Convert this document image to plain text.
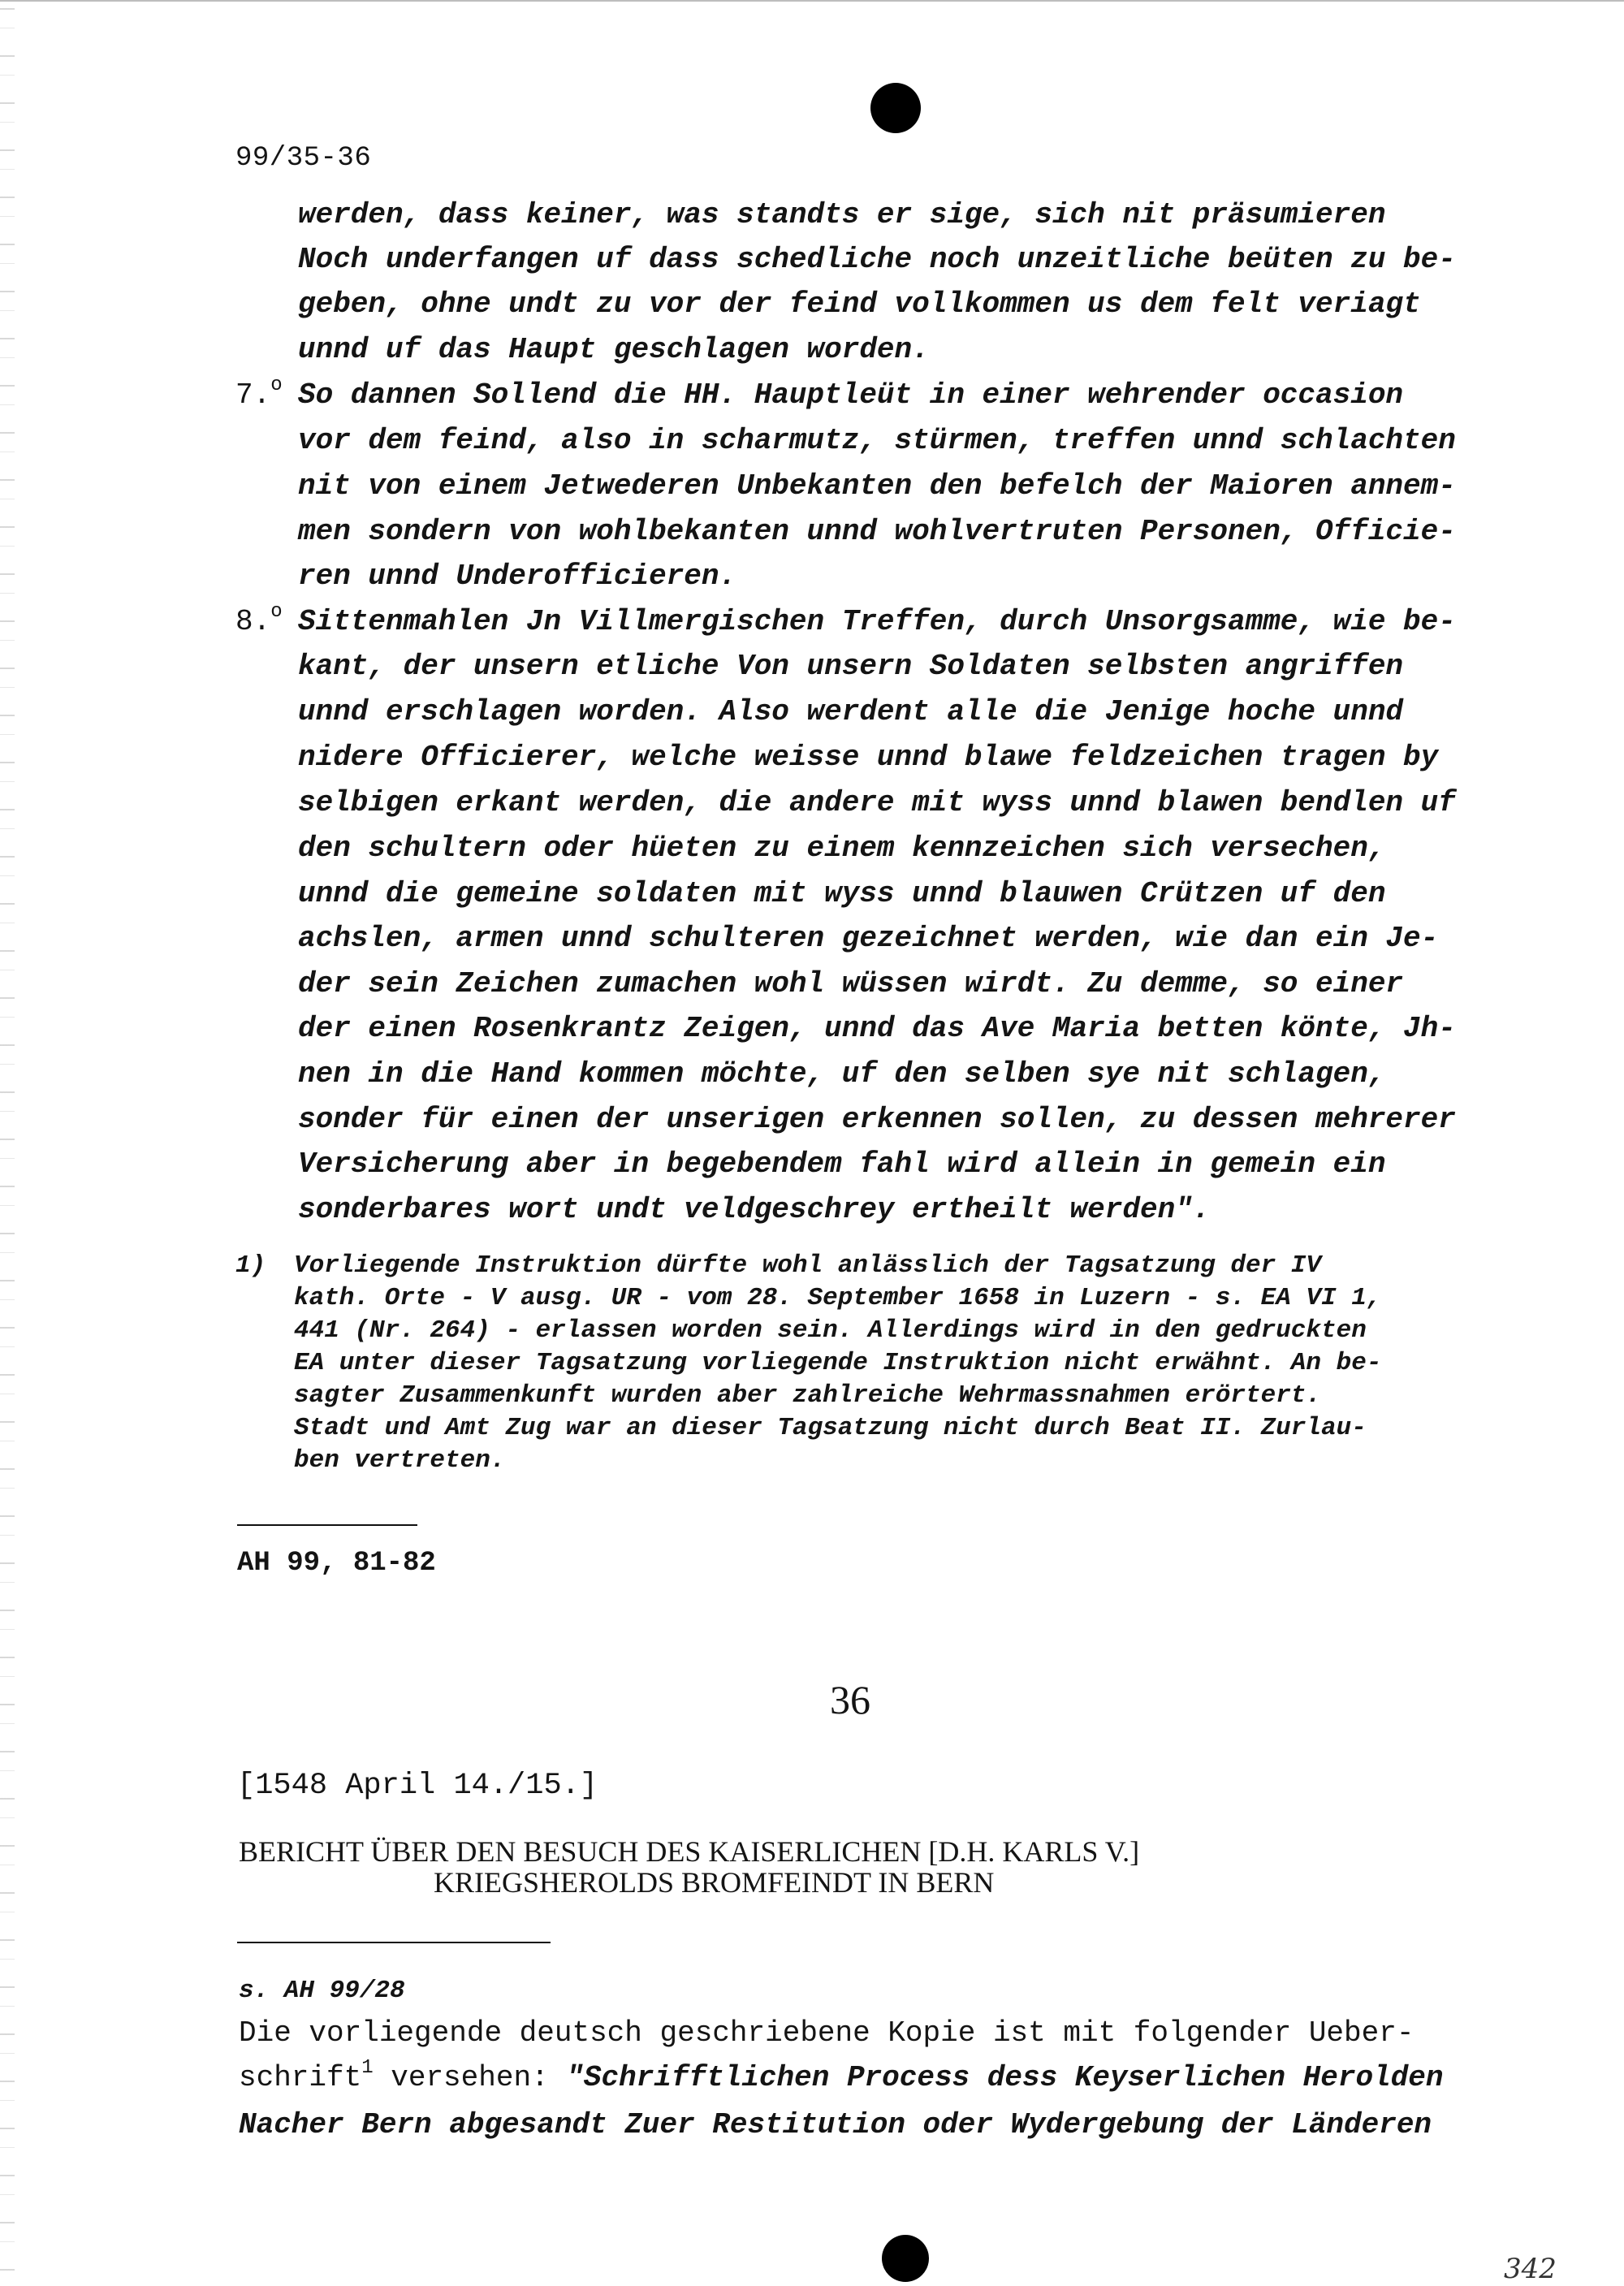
99/35-36
werden, dass keiner, was standts er sige, sich nit präsumieren
Noch underfangen uf dass schedliche noch unzeitliche beüten zu be-
geben, ohne undt zu vor der feind vollkommen us dem felt veriagt
unnd uf das Haupt geschlagen worden.
So dannen Sollend die HH. Hauptleüt in einer wehrender occasion
vor dem feind, also in scharmutz, stürmen, treffen unnd schlachten
nit von einem Jetwederen Unbekanten den befelch der Maioren annem-
men sondern von wohlbekanten unnd wohlvertruten Personen, Officie-
ren unnd Underofficieren.
Sittenmahlen Jn Villmergischen Treffen, durch Unsorgsamme, wie be-
kant, der unsern etliche Von unsern Soldaten selbsten angriffen
unnd erschlagen worden. Also werdent alle die Jenige hoche unnd
nidere Officierer, welche weisse unnd blawe feldzeichen tragen by
selbigen erkant werden, die andere mit wyss unnd blawen bendlen uf
den schultern oder hüeten zu einem kennzeichen sich versechen,
unnd die gemeine soldaten mit wyss unnd blauwen Crützen uf den
achslen, armen unnd schulteren gezeichnet werden, wie dan ein Je-
der sein Zeichen zumachen wohl wüssen wirdt. Zu demme, so einer
der einen Rosenkrantz Zeigen, unnd das Ave Maria betten könte, Jh-
nen in die Hand kommen möchte, uf den selben sye nit schlagen,
sonder für einen der unserigen erkennen sollen, zu dessen mehrerer
Versicherung aber in begebendem fahl wird allein in gemein ein
sonderbares wort undt veldgeschrey ertheilt werden".
7.$^o$
8.$^o$
1) Vorliegende Instruktion dürfte wohl anlässlich der Tagsatzung der IV
kath. Orte - V ausg. UR - vom 28. September 1658 in Luzern - s. EA VI 1,
441 (Nr. 264) - erlassen worden sein. Allerdings wird in den gedruckten
EA unter dieser Tagsatzung vorliegende Instruktion nicht erwähnt. An be-
sagter Zusammenkunft wurden aber zahlreiche Wehrmassnahmen erörtert.
Stadt und Amt Zug war an dieser Tagsatzung nicht durch Beat II. Zurlau-
ben vertreten.
AH 99, 81-82
36
[1548 April 14./15.]
BERICHT ÜBER DEN BESUCH DES KAISERLICHEN [D.H. KARLS V.]
KRIEGSHEROLDS BROMFEINDT IN BERN
s. AH 99/28
Die vorliegende deutsch geschriebene Kopie ist mit folgender Ueber-
schrift1 versehen: "Schrifftlichen Process dess Keyserlichen Herolden
Nacher Bern abgesandt Zuer Restitution oder Wydergebung der Länderen
342
